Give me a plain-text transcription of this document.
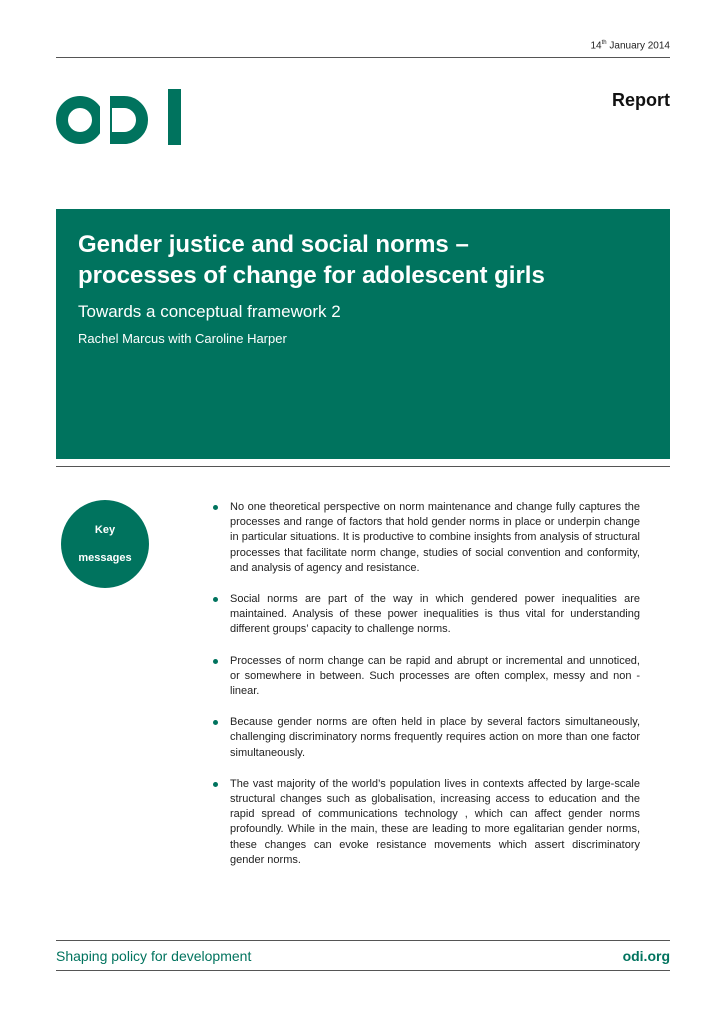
14th January 2014
Report
Gender justice and social norms –
processes of change for adolescent girls
Towards a conceptual framework 2
Rachel Marcus with Caroline Harper
Key

messages
No one theoretical perspective on norm maintenance and change fully captures the processes and range of factors that hold gender norms in place or underpin change in particular situations. It is productive to combine insights from analysis of structural processes that facilitate norm change, studies of social convention and conformity, and analysis of agency and resistance.
Social norms are part of the way in which gendered power inequalities are maintained. Analysis of these power inequalities is thus vital for understanding different groups’ capacity to challenge norms.
Processes of norm change can be rapid and abrupt or incremental and unnoticed, or somewhere in between. Such processes are often complex, messy and non -linear.
Because gender norms are often held in place by several factors simultaneously, challenging discriminatory norms frequently requires action on more than one factor simultaneously.
The vast majority of the world’s population lives in contexts affected by large-scale structural changes such as globalisation, increasing access to education and the rapid spread of communications technology , which can affect gender norms profoundly. While in the main, these are leading to more egalitarian gender norms, these changes can evoke resistance movements which assert discriminatory gender norms.
Shaping policy for development	odi.org
